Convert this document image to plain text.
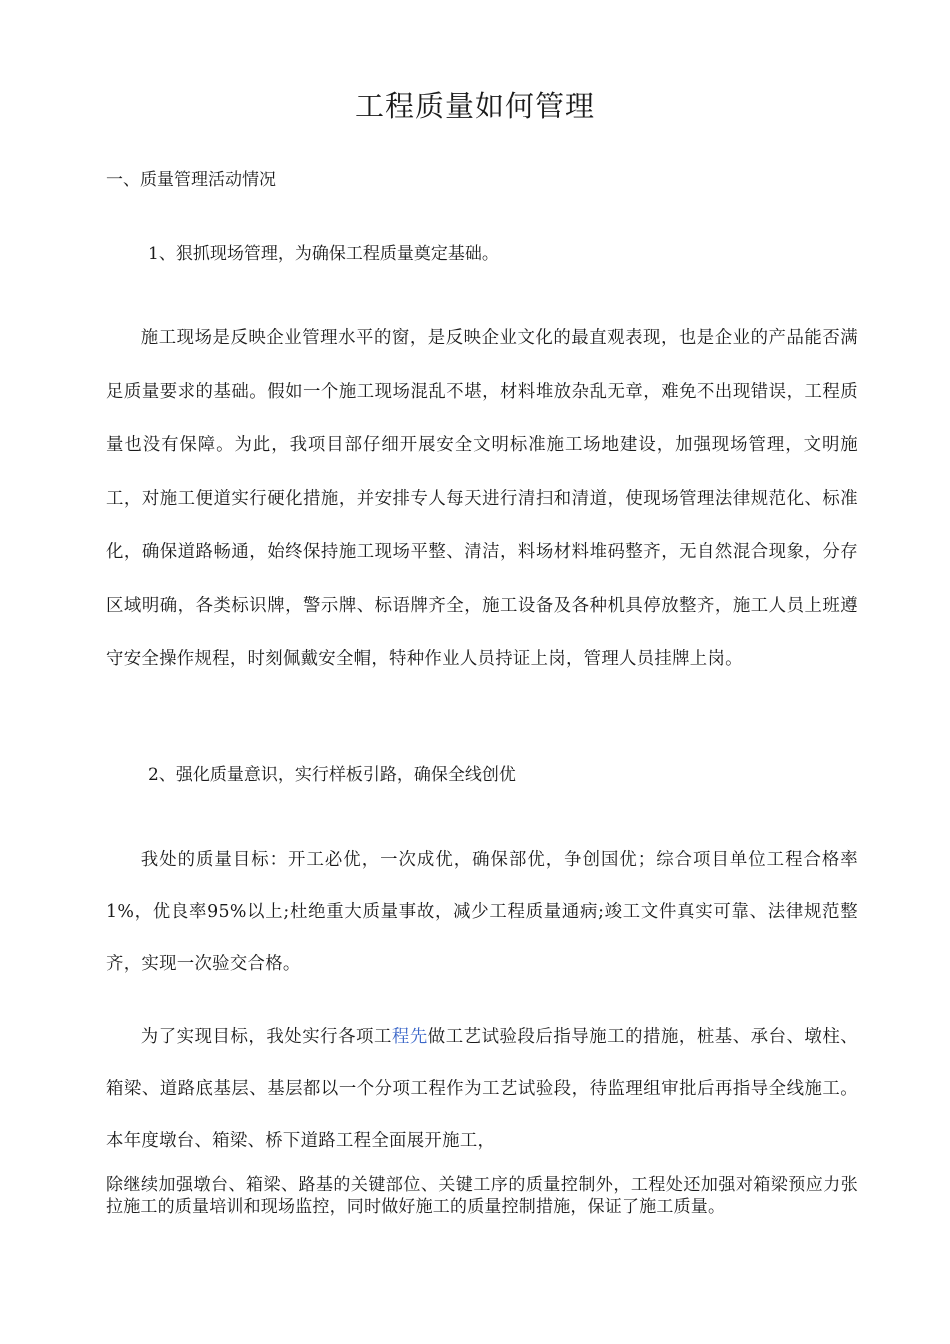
工程质量如何管理
一、质量管理活动情况
1、狠抓现场管理，为确保工程质量奠定基础。
施工现场是反映企业管理水平的窗，是反映企业文化的最直观表现，也是企业的产品能否满足质量要求的基础。假如一个施工现场混乱不堪，材料堆放杂乱无章，难免不出现错误，工程质量也没有保障。为此，我项目部仔细开展安全文明标准施工场地建设，加强现场管理，文明施工，对施工便道实行硬化措施，并安排专人每天进行清扫和清道，使现场管理法律规范化、标准化，确保道路畅通，始终保持施工现场平整、清洁，料场材料堆码整齐，无自然混合现象，分存区域明确，各类标识牌，警示牌、标语牌齐全，施工设备及各种机具停放整齐，施工人员上班遵守安全操作规程，时刻佩戴安全帽，特种作业人员持证上岗，管理人员挂牌上岗。
2、强化质量意识，实行样板引路，确保全线创优
我处的质量目标：开工必优，一次成优，确保部优，争创国优；综合项目单位工程合格率1%，优良率95%以上;杜绝重大质量事故，减少工程质量通病;竣工文件真实可靠、法律规范整齐，实现一次验交合格。
为了实现目标，我处实行各项工程先做工艺试验段后指导施工的措施，桩基、承台、墩柱、箱梁、道路底基层、基层都以一个分项工程作为工艺试验段，待监理组审批后再指导全线施工。本年度墩台、箱梁、桥下道路工程全面展开施工，
除继续加强墩台、箱梁、路基的关键部位、关键工序的质量控制外，工程处还加强对箱梁预应力张拉施工的质量培训和现场监控，同时做好施工的质量控制措施，保证了施工质量。
